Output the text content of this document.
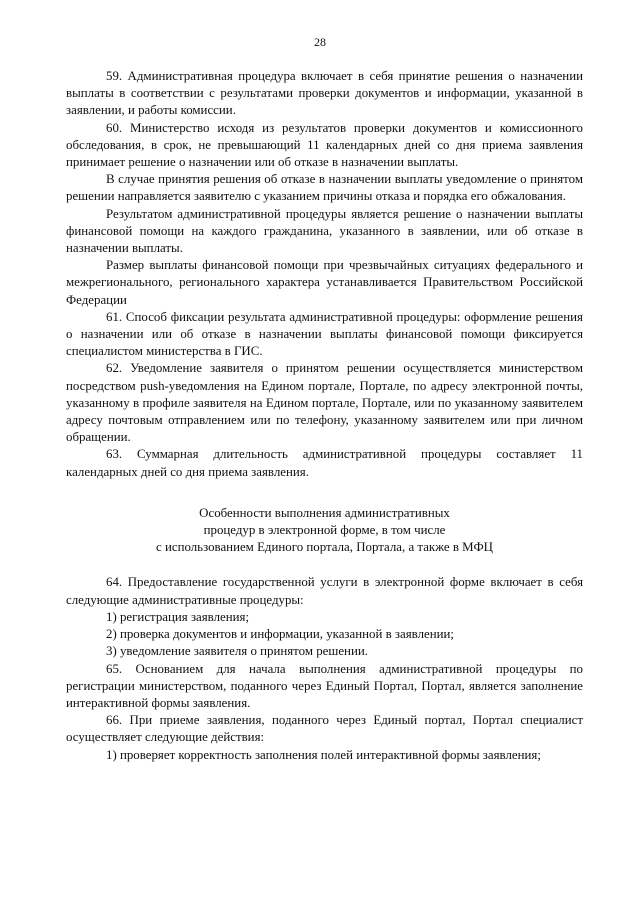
28

59. Административная процедура включает в себя принятие решения о назначении выплаты в соответствии с результатами проверки документов и информации, указанной в заявлении, и работы комиссии.

60. Министерство исходя из результатов проверки документов и комиссионного обследования, в срок, не превышающий 11 календарных дней со дня приема заявления принимает решение о назначении или об отказе в назначении выплаты.

В случае принятия решения об отказе в назначении выплаты уведомление о принятом решении направляется заявителю с указанием причины отказа и порядка его обжалования.

Результатом административной процедуры является решение о назначении выплаты финансовой помощи на каждого гражданина, указанного в заявлении, или об отказе в назначении выплаты.

Размер выплаты финансовой помощи при чрезвычайных ситуациях федерального и межрегионального, регионального характера устанавливается Правительством Российской Федерации

61. Способ фиксации результата административной процедуры: оформление решения о назначении или об отказе в назначении выплаты финансовой помощи фиксируется специалистом министерства в ГИС.

62. Уведомление заявителя о принятом решении осуществляется министерством посредством push-уведомления на Едином портале, Портале, по адресу электронной почты, указанному в профиле заявителя на Едином портале, Портале, или по указанному заявителем адресу почтовым отправлением или по телефону, указанному заявителем или при личном обращении.

63. Суммарная длительность административной процедуры составляет 11 календарных дней со дня приема заявления.

Особенности выполнения административных
процедур в электронной форме, в том числе
с использованием Единого портала, Портала, а также в МФЦ

64. Предоставление государственной услуги в электронной форме включает в себя следующие административные процедуры:

1) регистрация заявления;

2) проверка документов и информации, указанной в заявлении;

3) уведомление заявителя о принятом решении.

65. Основанием для начала выполнения административной процедуры по регистрации министерством, поданного через Единый Портал, Портал, является заполнение интерактивной формы заявления.

66. При приеме заявления, поданного через Единый портал, Портал специалист осуществляет следующие действия:

1) проверяет корректность заполнения полей интерактивной формы заявления;
